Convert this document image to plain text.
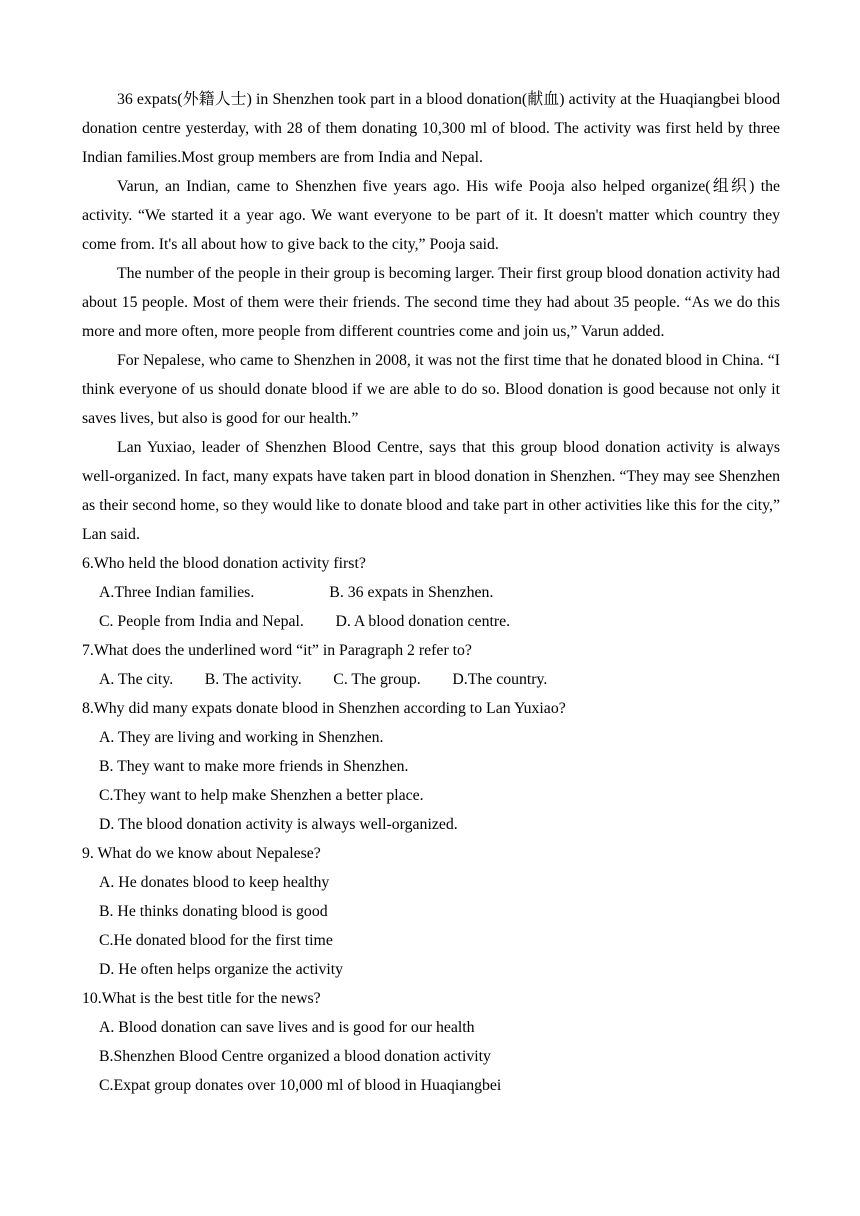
36 expats(外籍人士) in Shenzhen took part in a blood donation(献血) activity at the Huaqiangbei blood donation centre yesterday, with 28 of them donating 10,300 ml of blood. The activity was first held by three Indian families.Most group members are from India and Nepal.

Varun, an Indian, came to Shenzhen five years ago. His wife Pooja also helped organize(组织) the activity. “We started it a year ago. We want everyone to be part of it. It doesn't matter which country they come from. It's all about how to give back to the city,” Pooja said.

The number of the people in their group is becoming larger. Their first group blood donation activity had about 15 people. Most of them were their friends. The second time they had about 35 people. “As we do this more and more often, more people from different countries come and join us,” Varun added.

For Nepalese, who came to Shenzhen in 2008, it was not the first time that he donated blood in China. “I think everyone of us should donate blood if we are able to do so. Blood donation is good because not only it saves lives, but also is good for our health.”

Lan Yuxiao, leader of Shenzhen Blood Centre, says that this group blood donation activity is always well-organized. In fact, many expats have taken part in blood donation in Shenzhen. “They may see Shenzhen as their second home, so they would like to donate blood and take part in other activities like this for the city,” Lan said.

6.Who held the blood donation activity first?

A.Three Indian families.                   B. 36 expats in Shenzhen.

C. People from India and Nepal.        D. A blood donation centre.

7.What does the underlined word “it” in Paragraph 2 refer to?

A. The city.        B. The activity.        C. The group.        D.The country.

8.Why did many expats donate blood in Shenzhen according to Lan Yuxiao?

A. They are living and working in Shenzhen.

B. They want to make more friends in Shenzhen.

C.They want to help make Shenzhen a better place.

D. The blood donation activity is always well-organized.

9. What do we know about Nepalese?

A. He donates blood to keep healthy

B. He thinks donating blood is good

C.He donated blood for the first time

D. He often helps organize the activity

10.What is the best title for the news?

A. Blood donation can save lives and is good for our health

B.Shenzhen Blood Centre organized a blood donation activity

C.Expat group donates over 10,000 ml of blood in Huaqiangbei
